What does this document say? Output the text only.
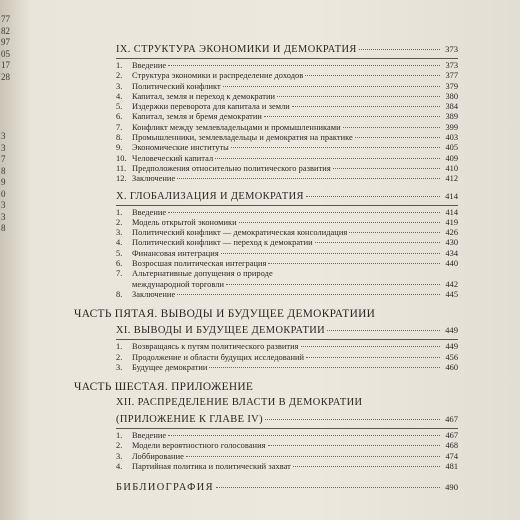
77
82
97
05
17
28
3
3
7
8
9
0
3
3
8
IX. СТРУКТУРА ЭКОНОМИКИ И ДЕМОКРАТИЯ	373
1.	Введение	373
2.	Структура экономики и распределение доходов	377
3.	Политический конфликт	379
4.	Капитал, земля и переход к демократии	380
5.	Издержки переворота для капитала и земли	384
6.	Капитал, земля и бремя демократии	389
7.	Конфликт между землевладельцами и промышленниками	399
8.	Промышленники, землевладельцы и демократия на практике	403
9.	Экономические институты	405
10. Человеческий капитал	409
11. Предположения относительно политического развития	410
12. Заключение	412
X. ГЛОБАЛИЗАЦИЯ И ДЕМОКРАТИЯ	414
1.	Введение	414
2.	Модель открытой экономики	419
3.	Политический конфликт — демократическая консолидация	426
4.	Политический конфликт — переход к демократии	430
5.	Финансовая интеграция	434
6.	Возросшая политическая интеграция	440
7.	Альтернативные допущения о природе
международной торговли	442
8.	Заключение	445
ЧАСТЬ ПЯТАЯ. ВЫВОДЫ И БУДУЩЕЕ ДЕМОКРАТИИИ
XI. ВЫВОДЫ И БУДУЩЕЕ ДЕМОКРАТИИ	449
1.	Возвращаясь к путям политического развития	449
2.	Продолжение и области будущих исследований	456
3.	Будущее демократии	460
ЧАСТЬ ШЕСТАЯ. ПРИЛОЖЕНИЕ
XII. РАСПРЕДЕЛЕНИЕ ВЛАСТИ В ДЕМОКРАТИИ
(ПРИЛОЖЕНИЕ К ГЛАВЕ IV)	467
1.	Введение	467
2.	Модели вероятностного голосования	468
3.	Лоббирование	474
4.	Партийная политика и политический захват	481
БИБЛИОГРАФИЯ	490
